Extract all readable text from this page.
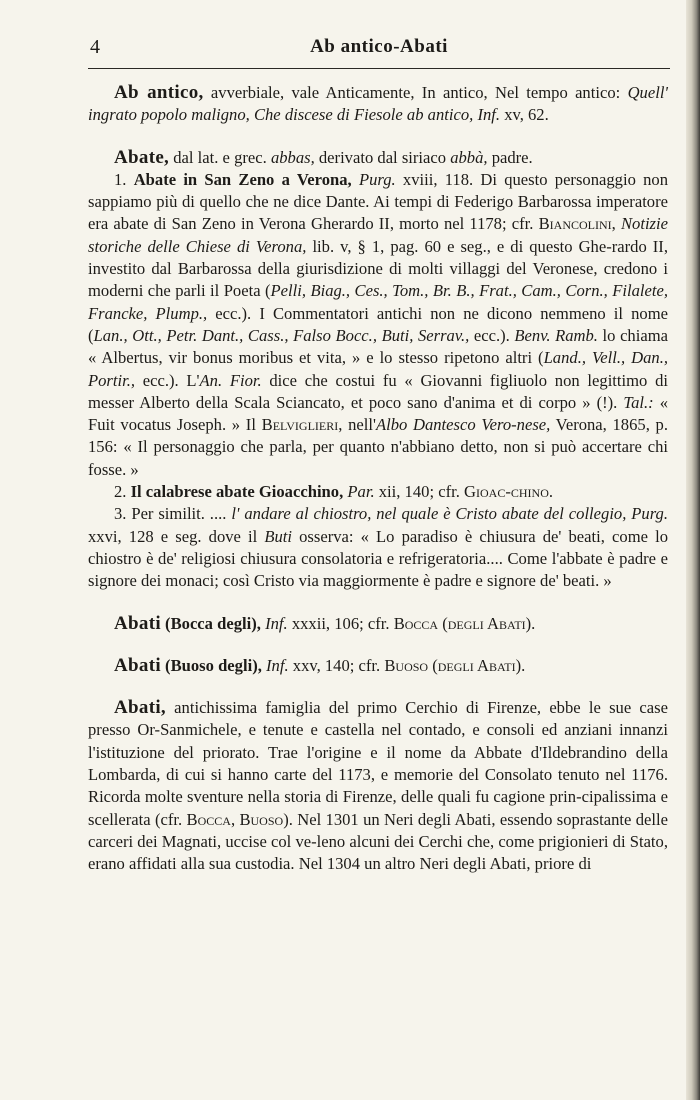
4	Ab antico-Abati

Ab antico, avverbiale, vale Anticamente, In antico, Nel tempo antico: Quell' ingrato popolo maligno, Che discese di Fiesole ab antico, Inf. xv, 62.

Abate, dal lat. e grec. abbas, derivato dal siriaco abbà, padre.

1. Abate in San Zeno a Verona, Purg. xviii, 118. Di questo personaggio non sappiamo più di quello che ne dice Dante. Ai tempi di Federigo Barbarossa imperatore era abate di San Zeno in Verona Gherardo II, morto nel 1178; cfr. Biancolini, Notizie storiche delle Chiese di Verona, lib. v, § 1, pag. 60 e seg., e di questo Ghe-rardo II, investito dal Barbarossa della giurisdizione di molti villaggi del Veronese, credono i moderni che parli il Poeta (Pelli, Biag., Ces., Tom., Br. B., Frat., Cam., Corn., Filalete, Francke, Plump., ecc.). I Commentatori antichi non ne dicono nemmeno il nome (Lan., Ott., Petr. Dant., Cass., Falso Bocc., Buti, Serrav., ecc.). Benv. Ramb. lo chiama « Albertus, vir bonus moribus et vita, » e lo stesso ripetono altri (Land., Vell., Dan., Portir., ecc.). L'An. Fior. dice che costui fu « Giovanni figliuolo non legittimo di messer Alberto della Scala Sciancato, et poco sano d'anima et di corpo » (!). Tal.: « Fuit vocatus Joseph. » Il Belviglieri, nell'Albo Dantesco Vero-nese, Verona, 1865, p. 156: « Il personaggio che parla, per quanto n'abbiano detto, non si può accertare chi fosse. »

2. Il calabrese abate Gioacchino, Par. xii, 140; cfr. Gioac-chino.

3. Per similit. .... l' andare al chiostro, nel quale è Cristo abate del collegio, Purg. xxvi, 128 e seg. dove il Buti osserva: « Lo paradiso è chiusura de' beati, come lo chiostro è de' religiosi chiusura consolatoria e refrigeratoria.... Come l'abbate è padre e signore dei monaci; così Cristo via maggiormente è padre e signore de' beati. »

Abati (Bocca degli), Inf. xxxii, 106; cfr. Bocca (degli Abati).

Abati (Buoso degli), Inf. xxv, 140; cfr. Buoso (degli Abati).

Abati, antichissima famiglia del primo Cerchio di Firenze, ebbe le sue case presso Or-Sanmichele, e tenute e castella nel contado, e consoli ed anziani innanzi l'istituzione del priorato. Trae l'origine e il nome da Abbate d'Ildebrandino della Lombarda, di cui si hanno carte del 1173, e memorie del Consolato tenuto nel 1176. Ricorda molte sventure nella storia di Firenze, delle quali fu cagione prin-cipalissima e scellerata (cfr. Bocca, Buoso). Nel 1301 un Neri degli Abati, essendo soprastante delle carceri dei Magnati, uccise col ve-leno alcuni dei Cerchi che, come prigionieri di Stato, erano affidati alla sua custodia. Nel 1304 un altro Neri degli Abati, priore di
